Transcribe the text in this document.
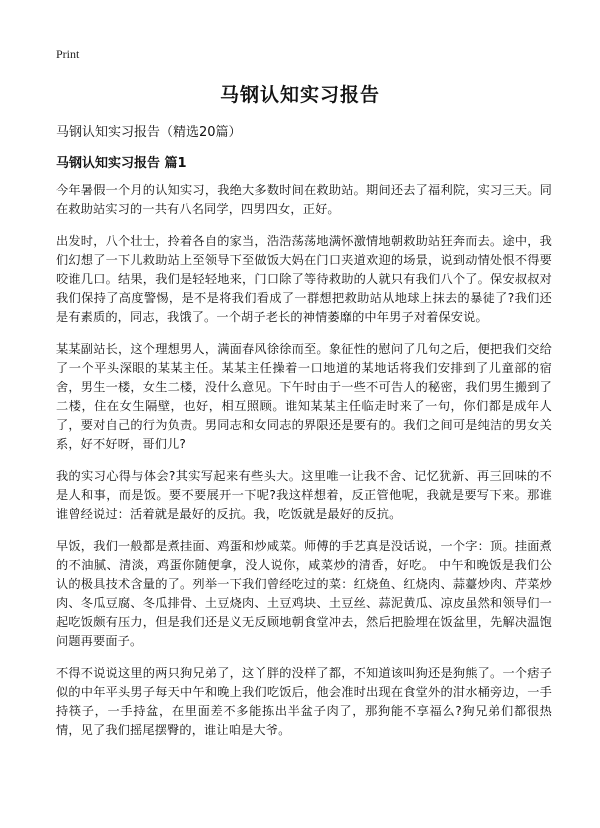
Print
马钢认知实习报告

马钢认知实习报告（精选20篇）

马钢认知实习报告 篇1

今年暑假一个月的认知实习，我绝大多数时间在救助站。期间还去了福利院，实习三天。同在救助站实习的一共有八名同学，四男四女，正好。

出发时，八个壮士，拎着各自的家当，浩浩荡荡地满怀激情地朝救助站狂奔而去。途中，我们幻想了一下儿救助站上至领导下至做饭大妈在门口夹道欢迎的场景，说到动情处恨不得要咬谁几口。结果，我们是轻轻地来，门口除了等待救助的人就只有我们八个了。保安叔叔对我们保持了高度警惕，是不是将我们看成了一群想把救助站从地球上抹去的暴徒了?我们还是有素质的，同志，我饿了。一个胡子老长的神情萎靡的中年男子对着保安说。

某某副站长，这个理想男人，满面春风徐徐而至。象征性的慰问了几句之后，便把我们交给了一个平头深眼的某某主任。某某主任操着一口地道的某地话将我们安排到了儿童部的宿舍，男生一楼，女生二楼，没什么意见。下午时由于一些不可告人的秘密，我们男生搬到了二楼，住在女生隔壁，也好，相互照顾。谁知某某主任临走时来了一句，你们都是成年人了，要对自己的行为负责。男同志和女同志的界限还是要有的。我们之间可是纯洁的男女关系，好不好呀，哥们儿?

我的实习心得与体会?其实写起来有些头大。这里唯一让我不舍、记忆犹新、再三回味的不是人和事，而是饭。要不要展开一下呢?我这样想着，反正管他呢，我就是要写下来。那谁谁曾经说过：活着就是最好的反抗。我，吃饭就是最好的反抗。

早饭，我们一般都是煮挂面、鸡蛋和炒咸菜。师傅的手艺真是没话说，一个字：顶。挂面煮的不油腻、清淡，鸡蛋你随便拿，没人说你，咸菜炒的清香，好吃。 中午和晚饭是我们公认的极具技术含量的了。列举一下我们曾经吃过的菜：红烧鱼、红烧肉、蒜薹炒肉、芹菜炒肉、冬瓜豆腐、冬瓜排骨、土豆烧肉、土豆鸡块、土豆丝、蒜泥黄瓜、凉皮虽然和领导们一起吃饭颇有压力，但是我们还是义无反顾地朝食堂冲去，然后把脸埋在饭盆里，先解决温饱问题再要面子。

不得不说说这里的两只狗兄弟了，这丫胖的没样了都，不知道该叫狗还是狗熊了。一个痞子似的中年平头男子每天中午和晚上我们吃饭后，他会准时出现在食堂外的泔水桶旁边，一手持筷子，一手持盆，在里面差不多能拣出半盆子肉了，那狗能不享福么?狗兄弟们都很热情，见了我们摇尾摆臀的，谁让咱是大爷。
